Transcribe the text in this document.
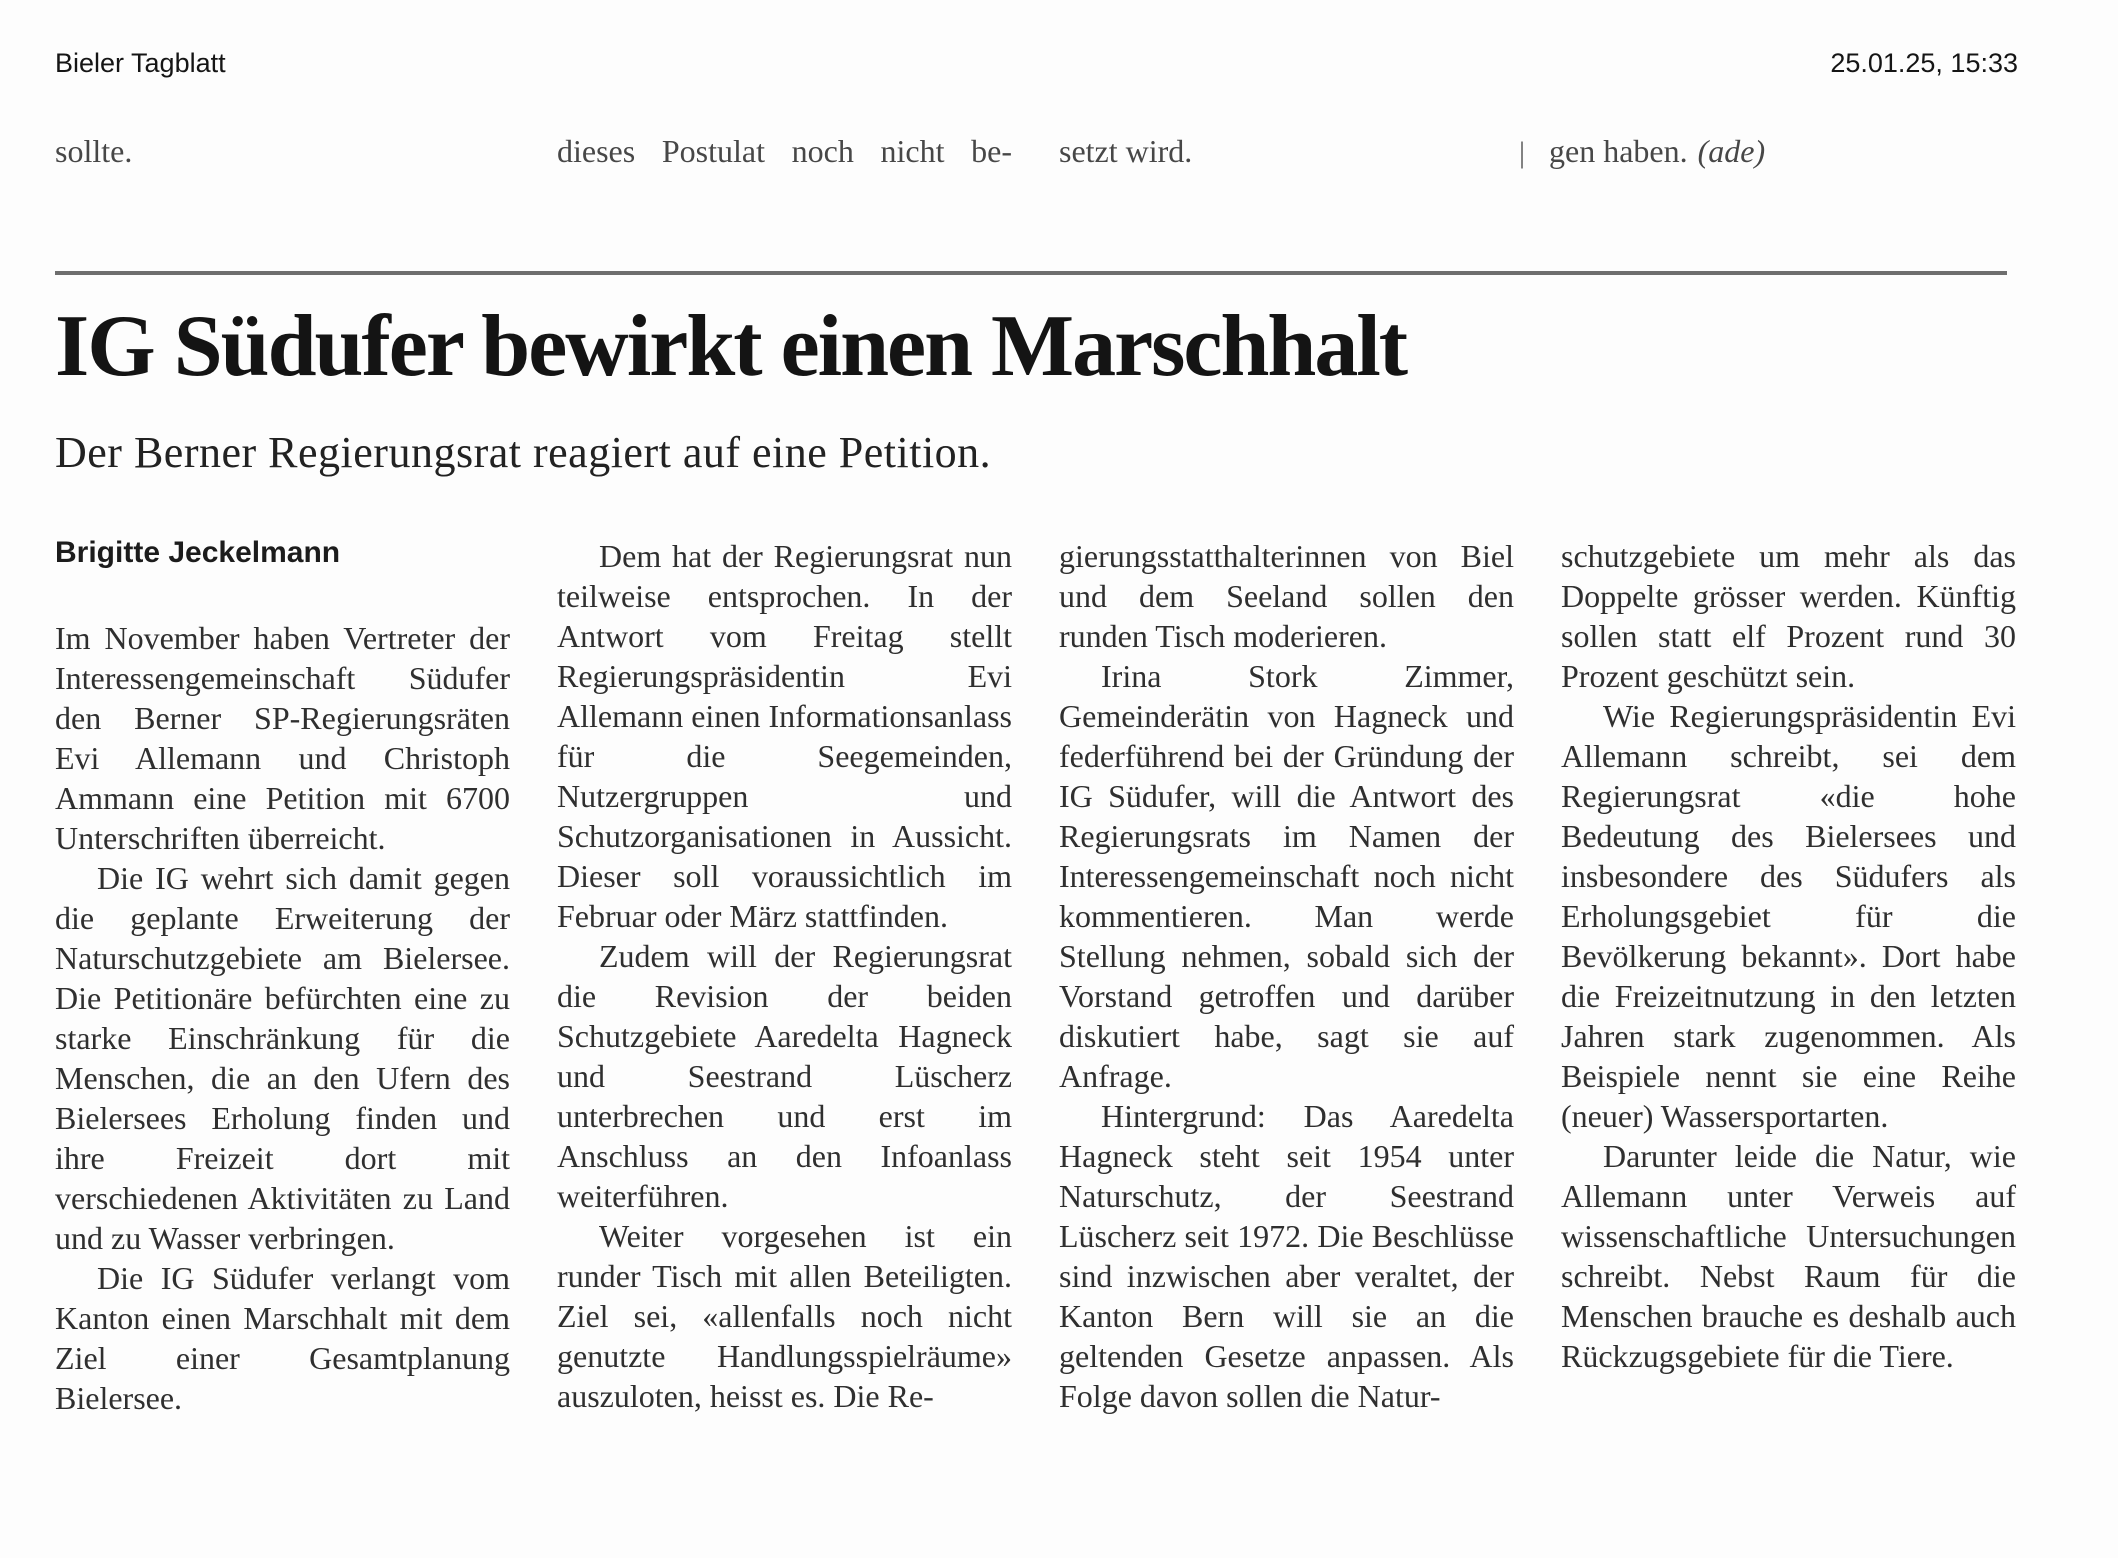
Bieler Tagblatt	25.01.25, 15:33
sollte.	dieses Postulat noch nicht be- setzt wird.	| gen haben. (ade)
IG Südufer bewirkt einen Marschhalt
Der Berner Regierungsrat reagiert auf eine Petition.
Brigitte Jeckelmann

Im November haben Vertreter der Interessengemeinschaft Südufer den Berner SP-Regierungsräten Evi Allemann und Christoph Ammann eine Petition mit 6700 Unterschriften überreicht.

Die IG wehrt sich damit gegen die geplante Erweiterung der Naturschutzgebiete am Bielersee. Die Petitionäre befürchten eine zu starke Einschränkung für die Menschen, die an den Ufern des Bielersees Erholung finden und ihre Freizeit dort mit verschiedenen Aktivitäten zu Land und zu Wasser verbringen.

Die IG Südufer verlangt vom Kanton einen Marschhalt mit dem Ziel einer Gesamtplanung Bielersee.

Dem hat der Regierungsrat nun teilweise entsprochen. In der Antwort vom Freitag stellt Regierungspräsidentin Evi Allemann einen Informationsanlass für die Seegemeinden, Nutzergruppen und Schutzorganisationen in Aussicht. Dieser soll voraussichtlich im Februar oder März stattfinden.

Zudem will der Regierungsrat die Revision der beiden Schutzgebiete Aaredelta Hagneck und Seestrand Lüscherz unterbrechen und erst im Anschluss an den Infoanlass weiterführen.

Weiter vorgesehen ist ein runder Tisch mit allen Beteiligten. Ziel sei, «allenfalls noch nicht genutzte Handlungsspielräume» auszuloten, heisst es. Die Re-

gierungsstatthalterinnen von Biel und dem Seeland sollen den runden Tisch moderieren.

Irina Stork Zimmer, Gemeinderätin von Hagneck und federführend bei der Gründung der IG Südufer, will die Antwort des Regierungsrats im Namen der Interessengemeinschaft noch nicht kommentieren. Man werde Stellung nehmen, sobald sich der Vorstand getroffen und darüber diskutiert habe, sagt sie auf Anfrage.

Hintergrund: Das Aaredelta Hagneck steht seit 1954 unter Naturschutz, der Seestrand Lüscherz seit 1972. Die Beschlüsse sind inzwischen aber veraltet, der Kanton Bern will sie an die geltenden Gesetze anpassen. Als Folge davon sollen die Natur-

schutzgebiete um mehr als das Doppelte grösser werden. Künftig sollen statt elf Prozent rund 30 Prozent geschützt sein.

Wie Regierungspräsidentin Evi Allemann schreibt, sei dem Regierungsrat «die hohe Bedeutung des Bielersees und insbesondere des Südufers als Erholungsgebiet für die Bevölkerung bekannt». Dort habe die Freizeitnutzung in den letzten Jahren stark zugenommen. Als Beispiele nennt sie eine Reihe (neuer) Wassersportarten.

Darunter leide die Natur, wie Allemann unter Verweis auf wissenschaftliche Untersuchungen schreibt. Nebst Raum für die Menschen brauche es deshalb auch Rückzugsgebiete für die Tiere.
